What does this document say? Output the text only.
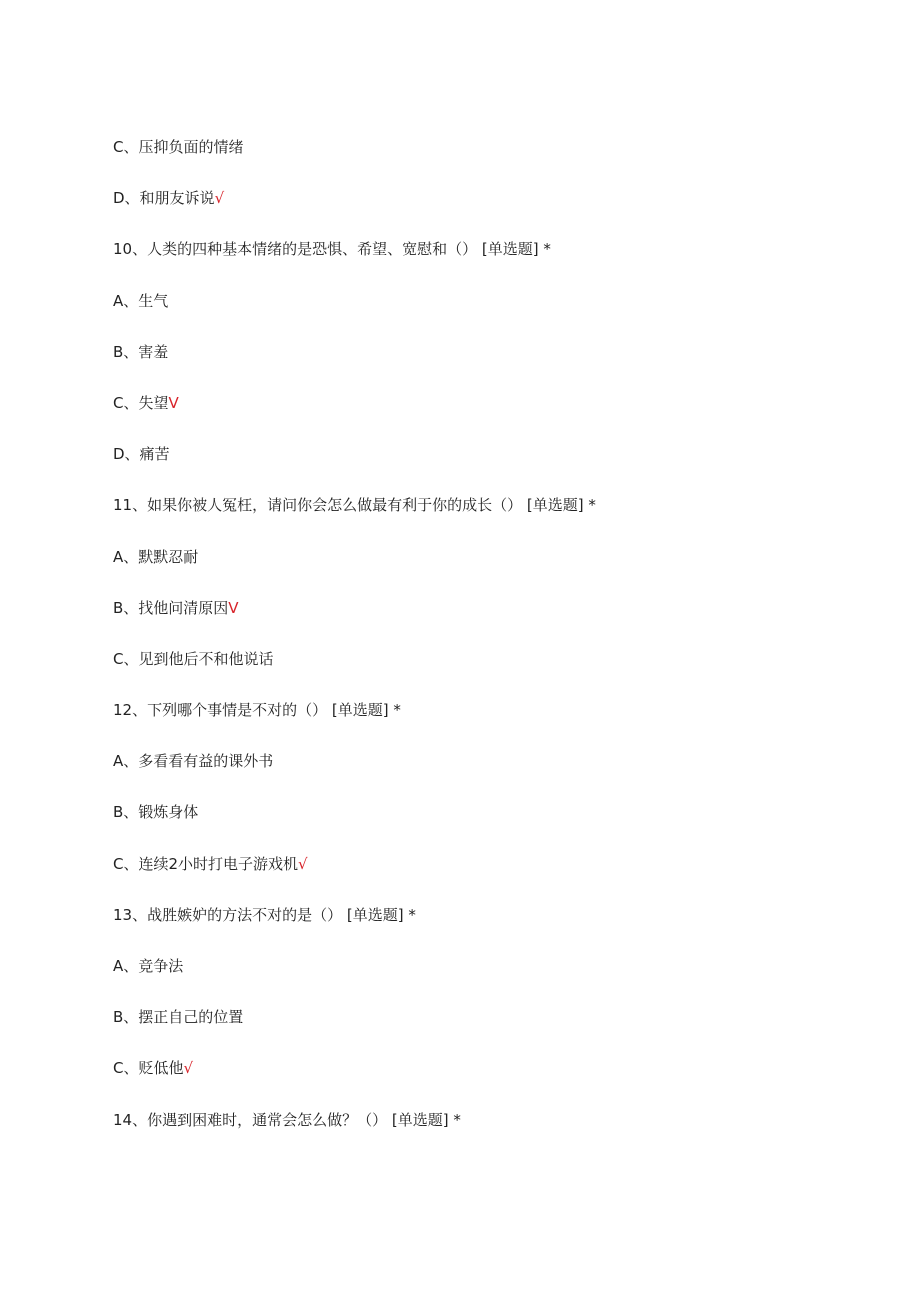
C、压抑负面的情绪
D、和朋友诉说√
10、人类的四种基本情绪的是恐惧、希望、宽慰和（） [单选题] *
A、生气
B、害羞
C、失望V
D、痛苦
11、如果你被人冤枉，请问你会怎么做最有利于你的成长（） [单选题] *
A、默默忍耐
B、找他问清原因V
C、见到他后不和他说话
12、下列哪个事情是不对的（） [单选题] *
A、多看看有益的课外书
B、锻炼身体
C、连续2小时打电子游戏机√
13、战胜嫉妒的方法不对的是（） [单选题] *
A、竞争法
B、摆正自己的位置
C、贬低他√
14、你遇到困难时，通常会怎么做？（） [单选题] *
